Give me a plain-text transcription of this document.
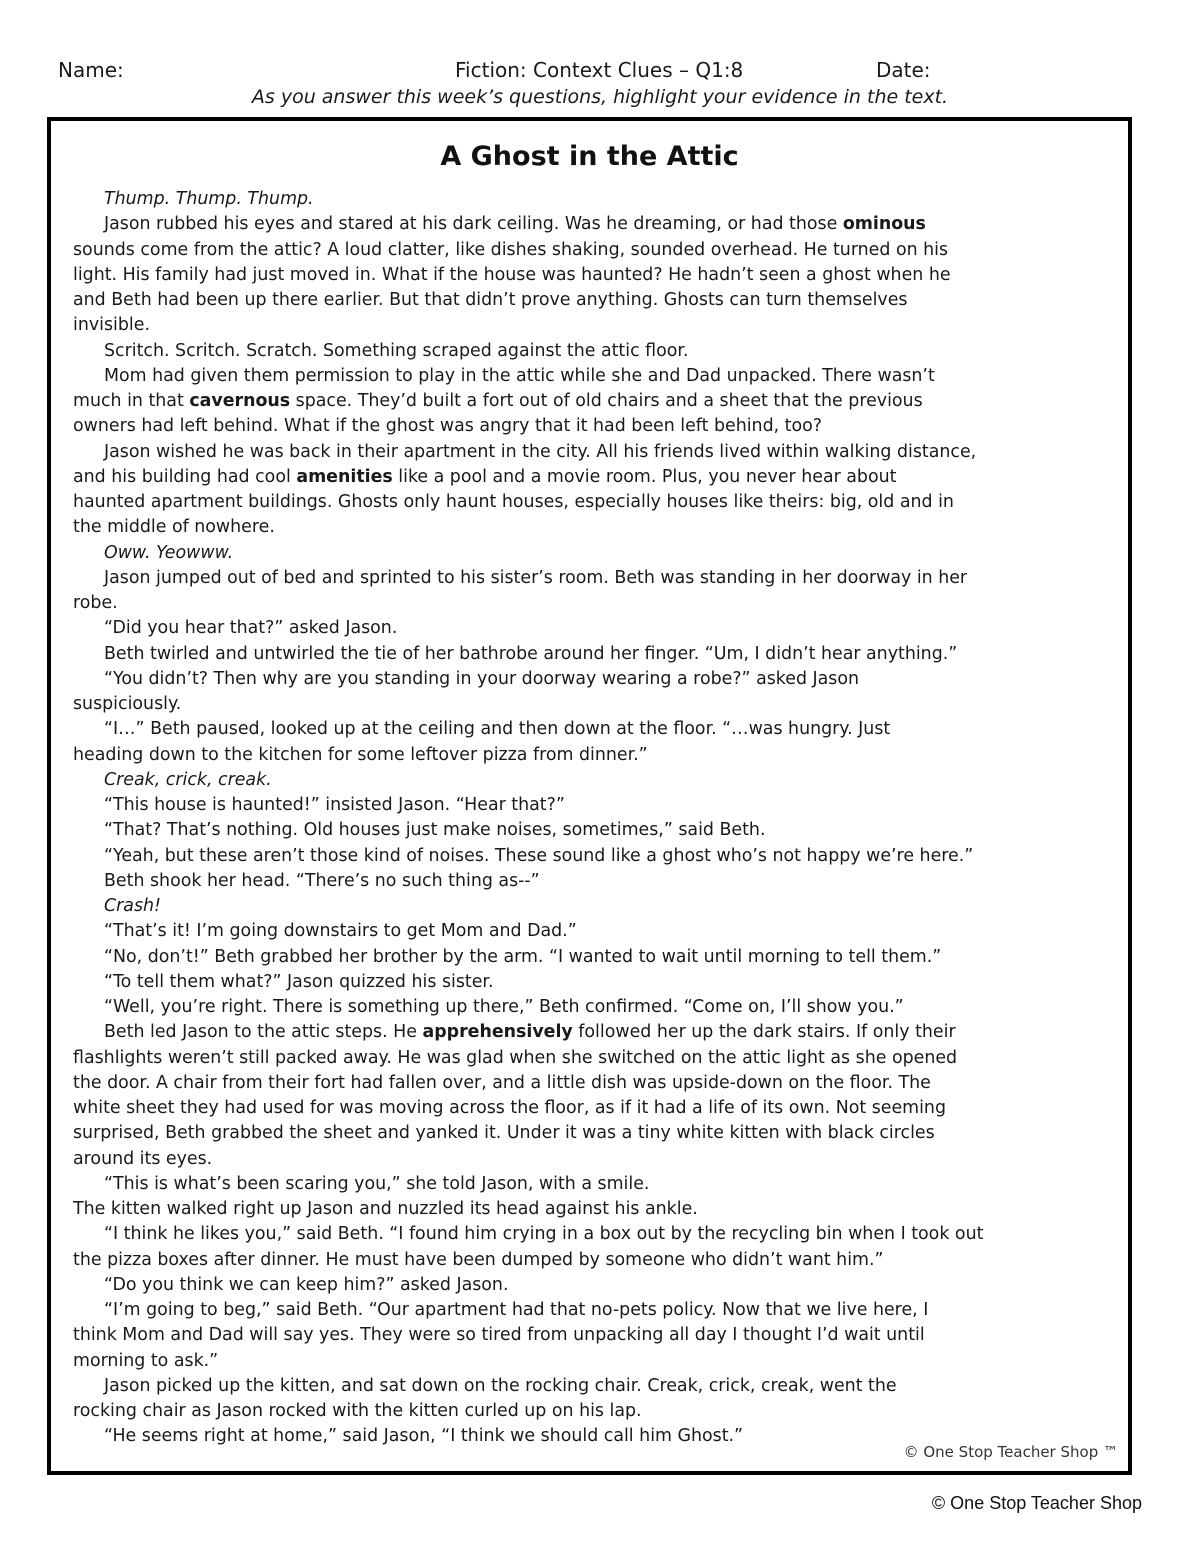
Name:	Fiction: Context Clues – Q1:8	Date:
As you answer this week’s questions, highlight your evidence in the text.
A Ghost in the Attic
Thump. Thump. Thump.
Jason rubbed his eyes and stared at his dark ceiling. Was he dreaming, or had those ominous
sounds come from the attic? A loud clatter, like dishes shaking, sounded overhead. He turned on his
light. His family had just moved in. What if the house was haunted? He hadn’t seen a ghost when he
and Beth had been up there earlier. But that didn’t prove anything. Ghosts can turn themselves
invisible.
Scritch. Scritch. Scratch. Something scraped against the attic floor.
Mom had given them permission to play in the attic while she and Dad unpacked. There wasn’t
much in that cavernous space. They’d built a fort out of old chairs and a sheet that the previous
owners had left behind. What if the ghost was angry that it had been left behind, too?
Jason wished he was back in their apartment in the city. All his friends lived within walking distance,
and his building had cool amenities like a pool and a movie room. Plus, you never hear about
haunted apartment buildings. Ghosts only haunt houses, especially houses like theirs: big, old and in
the middle of nowhere.
Oww. Yeowww.
Jason jumped out of bed and sprinted to his sister’s room. Beth was standing in her doorway in her
robe.
“Did you hear that?” asked Jason.
Beth twirled and untwirled the tie of her bathrobe around her finger. “Um, I didn’t hear anything.”
“You didn’t? Then why are you standing in your doorway wearing a robe?” asked Jason
suspiciously.
“I…” Beth paused, looked up at the ceiling and then down at the floor. “…was hungry. Just
heading down to the kitchen for some leftover pizza from dinner.”
Creak, crick, creak.
“This house is haunted!” insisted Jason. “Hear that?”
“That? That’s nothing. Old houses just make noises, sometimes,” said Beth.
“Yeah, but these aren’t those kind of noises. These sound like a ghost who’s not happy we’re here.”
Beth shook her head. “There’s no such thing as--”
Crash!
“That’s it! I’m going downstairs to get Mom and Dad.”
“No, don’t!” Beth grabbed her brother by the arm. “I wanted to wait until morning to tell them.”
“To tell them what?” Jason quizzed his sister.
“Well, you’re right. There is something up there,” Beth confirmed. “Come on, I’ll show you.”
Beth led Jason to the attic steps. He apprehensively followed her up the dark stairs. If only their
flashlights weren’t still packed away. He was glad when she switched on the attic light as she opened
the door. A chair from their fort had fallen over, and a little dish was upside-down on the floor. The
white sheet they had used for was moving across the floor, as if it had a life of its own. Not seeming
surprised, Beth grabbed the sheet and yanked it. Under it was a tiny white kitten with black circles
around its eyes.
“This is what’s been scaring you,” she told Jason, with a smile.
The kitten walked right up Jason and nuzzled its head against his ankle.
“I think he likes you,” said Beth. “I found him crying in a box out by the recycling bin when I took out
the pizza boxes after dinner. He must have been dumped by someone who didn’t want him.”
“Do you think we can keep him?” asked Jason.
“I’m going to beg,” said Beth. “Our apartment had that no-pets policy. Now that we live here, I
think Mom and Dad will say yes. They were so tired from unpacking all day I thought I’d wait until
morning to ask.”
Jason picked up the kitten, and sat down on the rocking chair. Creak, crick, creak, went the
rocking chair as Jason rocked with the kitten curled up on his lap.
“He seems right at home,” said Jason, “I think we should call him Ghost.”
© One Stop Teacher Shop ™
© One Stop Teacher Shop
